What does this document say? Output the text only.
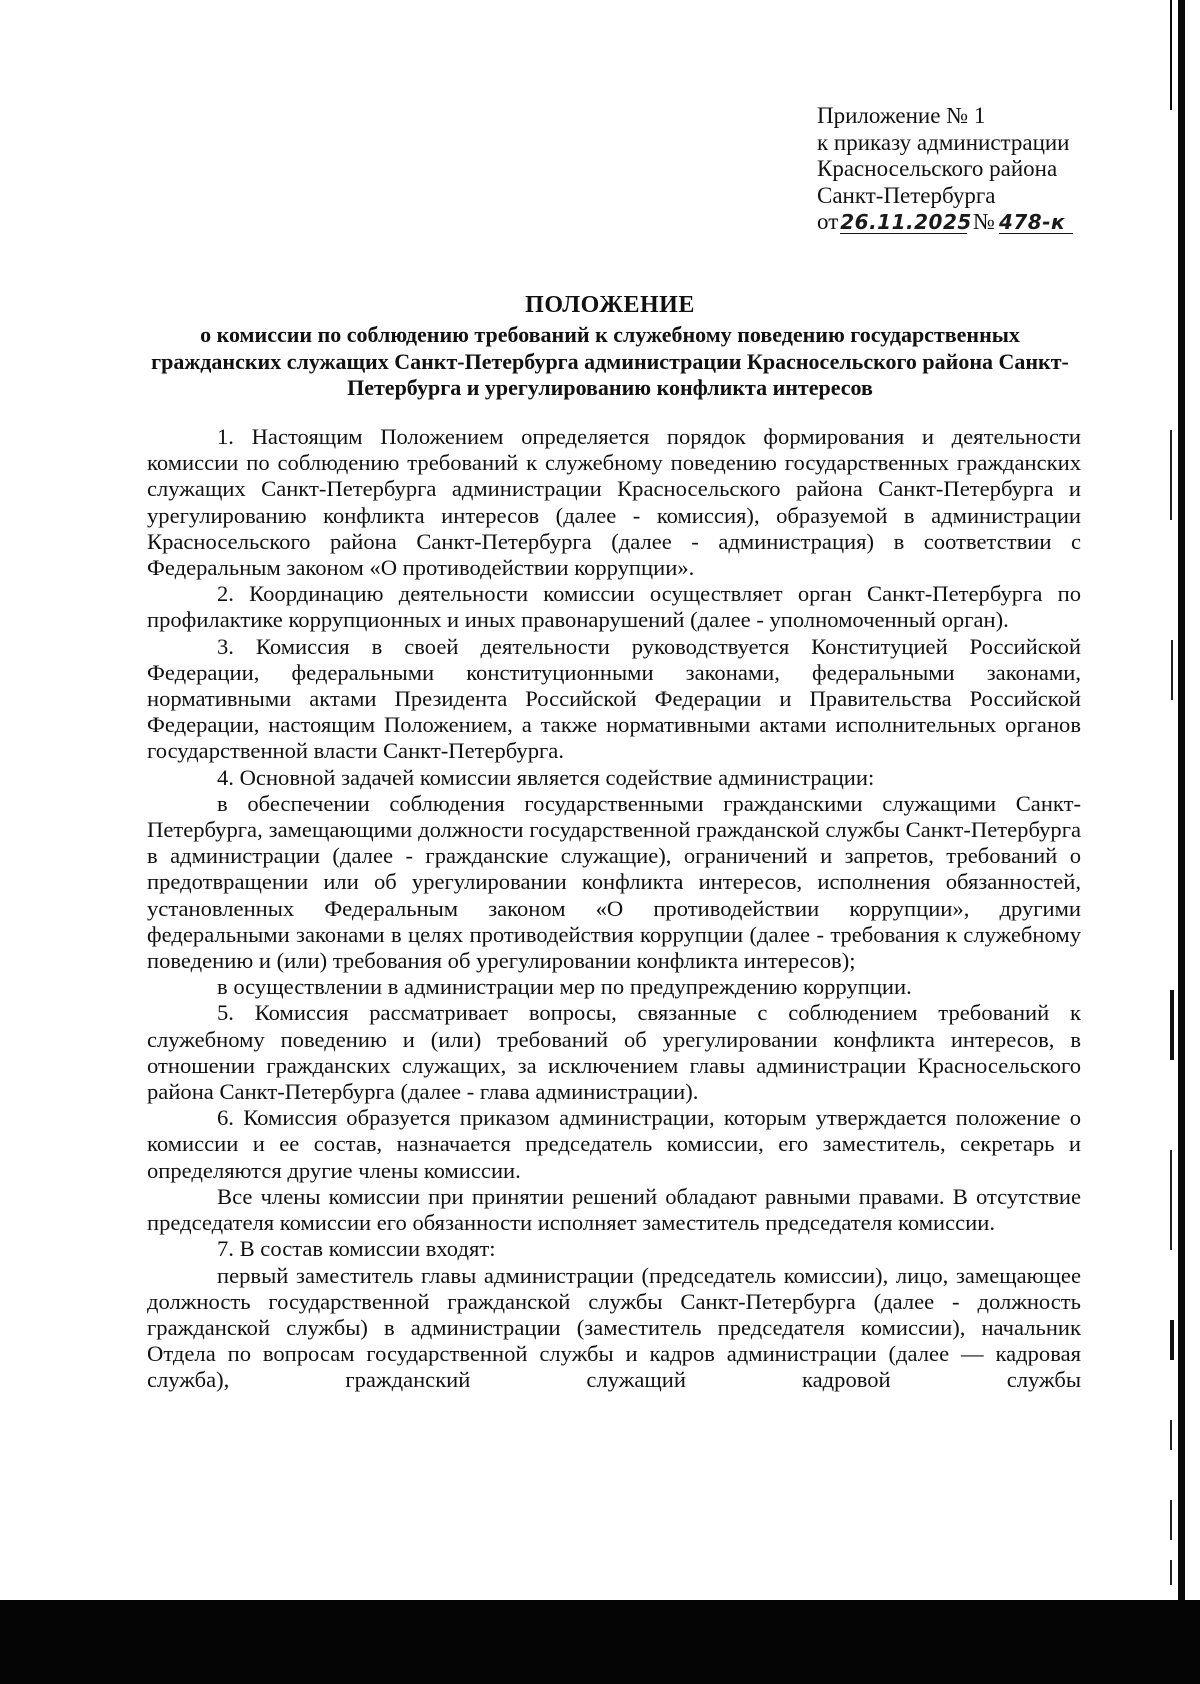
Приложение № 1
к приказу администрации
Красносельского района
Санкт-Петербурга
от 26.11.2025 № 478-к
ПОЛОЖЕНИЕ
о комиссии по соблюдению требований к служебному поведению государственных гражданских служащих Санкт-Петербурга администрации Красносельского района Санкт-Петербурга и урегулированию конфликта интересов

1. Настоящим Положением определяется порядок формирования и деятельности комиссии по соблюдению требований к служебному поведению государственных гражданских служащих Санкт-Петербурга администрации Красносельского района Санкт-Петербурга и урегулированию конфликта интересов (далее - комиссия), образуемой в администрации Красносельского района Санкт-Петербурга (далее - администрация) в соответствии с Федеральным законом «О противодействии коррупции».

2. Координацию деятельности комиссии осуществляет орган Санкт-Петербурга по профилактике коррупционных и иных правонарушений (далее - уполномоченный орган).

3. Комиссия в своей деятельности руководствуется Конституцией Российской Федерации, федеральными конституционными законами, федеральными законами, нормативными актами Президента Российской Федерации и Правительства Российской Федерации, настоящим Положением, а также нормативными актами исполнительных органов государственной власти Санкт-Петербурга.

4. Основной задачей комиссии является содействие администрации:

в обеспечении соблюдения государственными гражданскими служащими Санкт-Петербурга, замещающими должности государственной гражданской службы Санкт-Петербурга в администрации (далее - гражданские служащие), ограничений и запретов, требований о предотвращении или об урегулировании конфликта интересов, исполнения обязанностей, установленных Федеральным законом «О противодействии коррупции», другими федеральными законами в целях противодействия коррупции (далее - требования к служебному поведению и (или) требования об урегулировании конфликта интересов);

в осуществлении в администрации мер по предупреждению коррупции.

5. Комиссия рассматривает вопросы, связанные с соблюдением требований к служебному поведению и (или) требований об урегулировании конфликта интересов, в отношении гражданских служащих, за исключением главы администрации Красносельского района Санкт-Петербурга (далее - глава администрации).

6. Комиссия образуется приказом администрации, которым утверждается положение о комиссии и ее состав, назначается председатель комиссии, его заместитель, секретарь и определяются другие члены комиссии.

Все члены комиссии при принятии решений обладают равными правами. В отсутствие председателя комиссии его обязанности исполняет заместитель председателя комиссии.

7. В состав комиссии входят:

первый заместитель главы администрации (председатель комиссии), лицо, замещающее должность государственной гражданской службы Санкт-Петербурга (далее - должность гражданской службы) в администрации (заместитель председателя комиссии), начальник Отдела по вопросам государственной службы и кадров администрации (далее — кадровая служба), гражданский служащий кадровой службы
